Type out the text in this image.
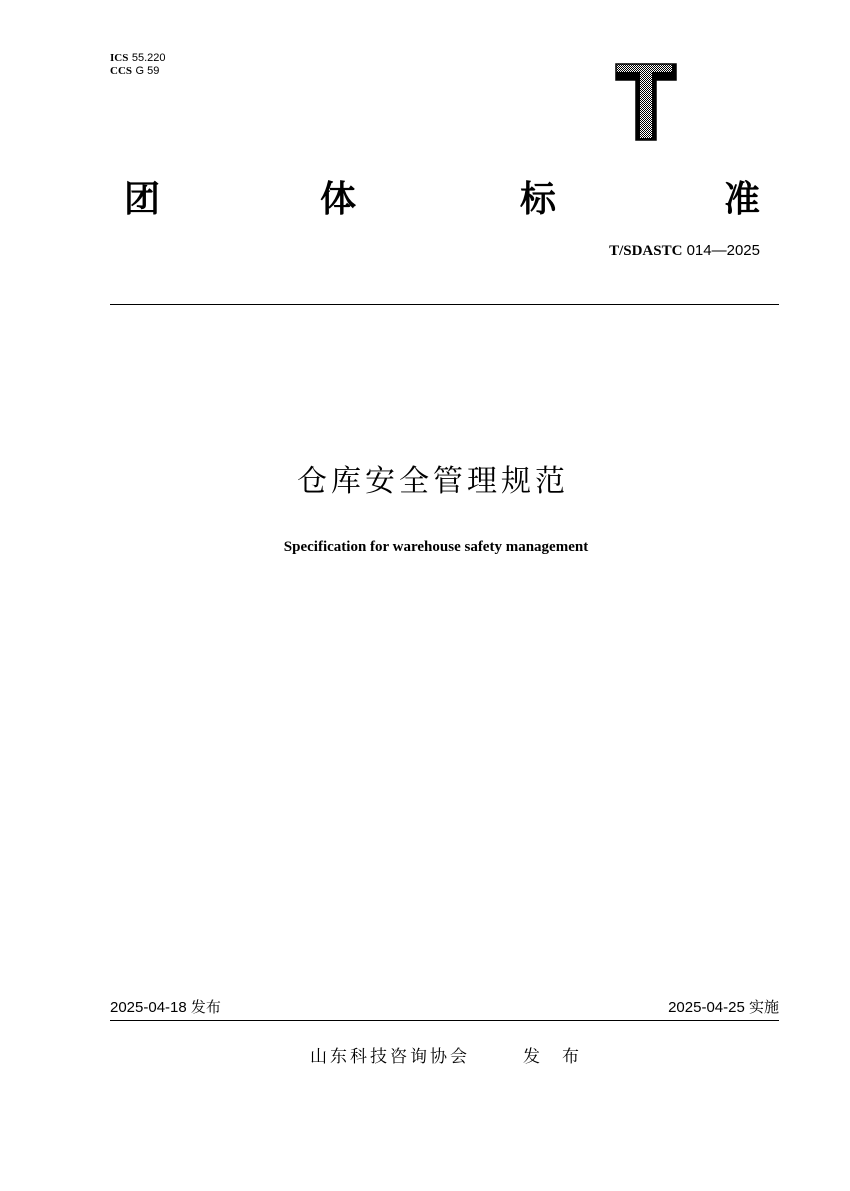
ICS 55.220
CCS G 59
团	体	标	准
T/SDASTC 014—2025
仓库安全管理规范
Specification for warehouse safety management
2025-04-18 发布	2025-04-25 实施
山东科技咨询协会	发布
